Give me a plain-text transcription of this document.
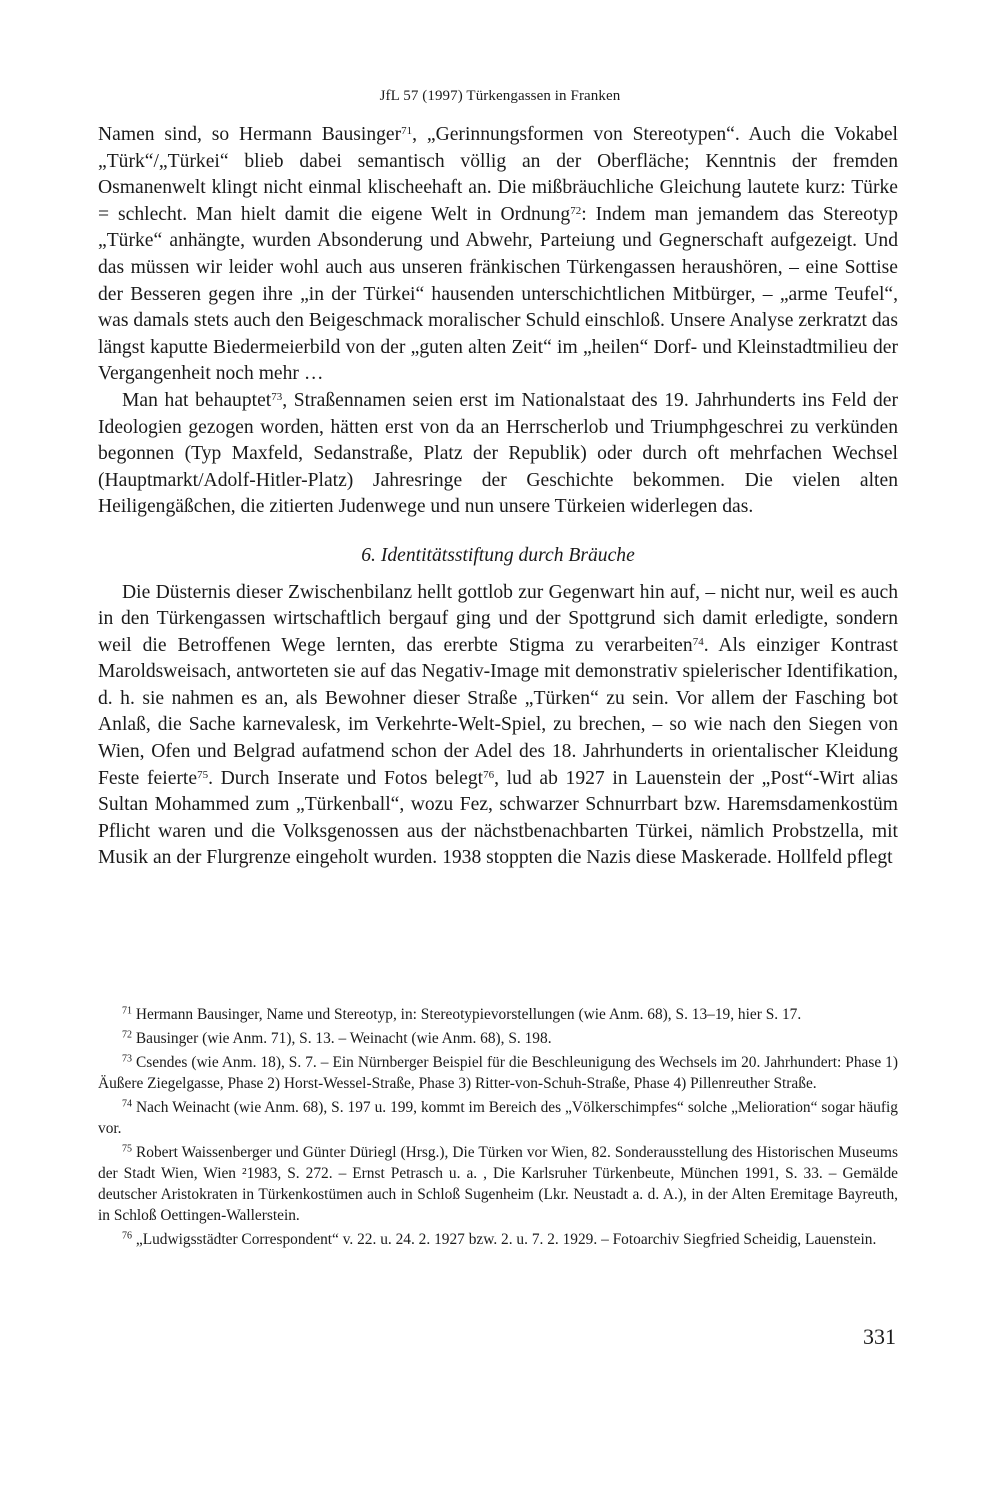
JfL 57 (1997) Türkengassen in Franken

Namen sind, so Hermann Bausinger$^{71}$, „Gerinnungsformen von Stereotypen“. Auch die Vokabel „Türk“/„Türkei“ blieb dabei semantisch völlig an der Oberfläche; Kenntnis der fremden Osmanenwelt klingt nicht einmal klischeehaft an. Die mißbräuchliche Gleichung lautete kurz: Türke = schlecht. Man hielt damit die eigene Welt in Ordnung$^{72}$: Indem man jemandem das Stereotyp „Türke“ anhängte, wurden Absonderung und Abwehr, Parteiung und Gegnerschaft aufgezeigt. Und das müssen wir leider wohl auch aus unseren fränkischen Türkengassen heraushören, – eine Sottise der Besseren gegen ihre „in der Türkei“ hausenden unterschichtlichen Mitbürger, – „arme Teufel“, was damals stets auch den Beigeschmack moralischer Schuld einschloß. Unsere Analyse zerkratzt das längst kaputte Biedermeierbild von der „guten alten Zeit“ im „heilen“ Dorf- und Kleinstadtmilieu der Vergangenheit noch mehr …

Man hat behauptet$^{73}$, Straßennamen seien erst im Nationalstaat des 19. Jahrhunderts ins Feld der Ideologien gezogen worden, hätten erst von da an Herrscherlob und Triumphgeschrei zu verkünden begonnen (Typ Maxfeld, Sedanstraße, Platz der Republik) oder durch oft mehrfachen Wechsel (Hauptmarkt/Adolf-Hitler-Platz) Jahresringe der Geschichte bekommen. Die vielen alten Heiligengäßchen, die zitierten Judenwege und nun unsere Türkeien widerlegen das.

6. Identitätsstiftung durch Bräuche

Die Düsternis dieser Zwischenbilanz hellt gottlob zur Gegenwart hin auf, – nicht nur, weil es auch in den Türkengassen wirtschaftlich bergauf ging und der Spottgrund sich damit erledigte, sondern weil die Betroffenen Wege lernten, das ererbte Stigma zu verarbeiten$^{74}$. Als einziger Kontrast Maroldsweisach, antworteten sie auf das Negativ-Image mit demonstrativ spielerischer Identifikation, d. h. sie nahmen es an, als Bewohner dieser Straße „Türken“ zu sein. Vor allem der Fasching bot Anlaß, die Sache karnevalesk, im Verkehrte-Welt-Spiel, zu brechen, – so wie nach den Siegen von Wien, Ofen und Belgrad aufatmend schon der Adel des 18. Jahrhunderts in orientalischer Kleidung Feste feierte$^{75}$. Durch Inserate und Fotos belegt$^{76}$, lud ab 1927 in Lauenstein der „Post“-Wirt alias Sultan Mohammed zum „Türkenball“, wozu Fez, schwarzer Schnurrbart bzw. Haremsdamenkostüm Pflicht waren und die Volksgenossen aus der nächstbenachbarten Türkei, nämlich Probstzella, mit Musik an der Flurgrenze eingeholt wurden. 1938 stoppten die Nazis diese Maskerade. Hollfeld pflegt

$^{71}$ Hermann Bausinger, Name und Stereotyp, in: Stereotypievorstellungen (wie Anm. 68), S. 13–19, hier S. 17.

$^{72}$ Bausinger (wie Anm. 71), S. 13. – Weinacht (wie Anm. 68), S. 198.

$^{73}$ Csendes (wie Anm. 18), S. 7. – Ein Nürnberger Beispiel für die Beschleunigung des Wechsels im 20. Jahrhundert: Phase 1) Äußere Ziegelgasse, Phase 2) Horst-Wessel-Straße, Phase 3) Ritter-von-Schuh-Straße, Phase 4) Pillenreuther Straße.

$^{74}$ Nach Weinacht (wie Anm. 68), S. 197 u. 199, kommt im Bereich des „Völkerschimpfes“ solche „Melioration“ sogar häufig vor.

$^{75}$ Robert Waissenberger und Günter Düriegl (Hrsg.), Die Türken vor Wien, 82. Sonderausstellung des Historischen Museums der Stadt Wien, Wien ²1983, S. 272. – Ernst Petrasch u. a. , Die Karlsruher Türkenbeute, München 1991, S. 33. – Gemälde deutscher Aristokraten in Türkenkostümen auch in Schloß Sugenheim (Lkr. Neustadt a. d. A.), in der Alten Eremitage Bayreuth, in Schloß Oettingen-Wallerstein.

$^{76}$ „Ludwigsstädter Correspondent“ v. 22. u. 24. 2. 1927 bzw. 2. u. 7. 2. 1929. – Fotoarchiv Siegfried Scheidig, Lauenstein.

331
